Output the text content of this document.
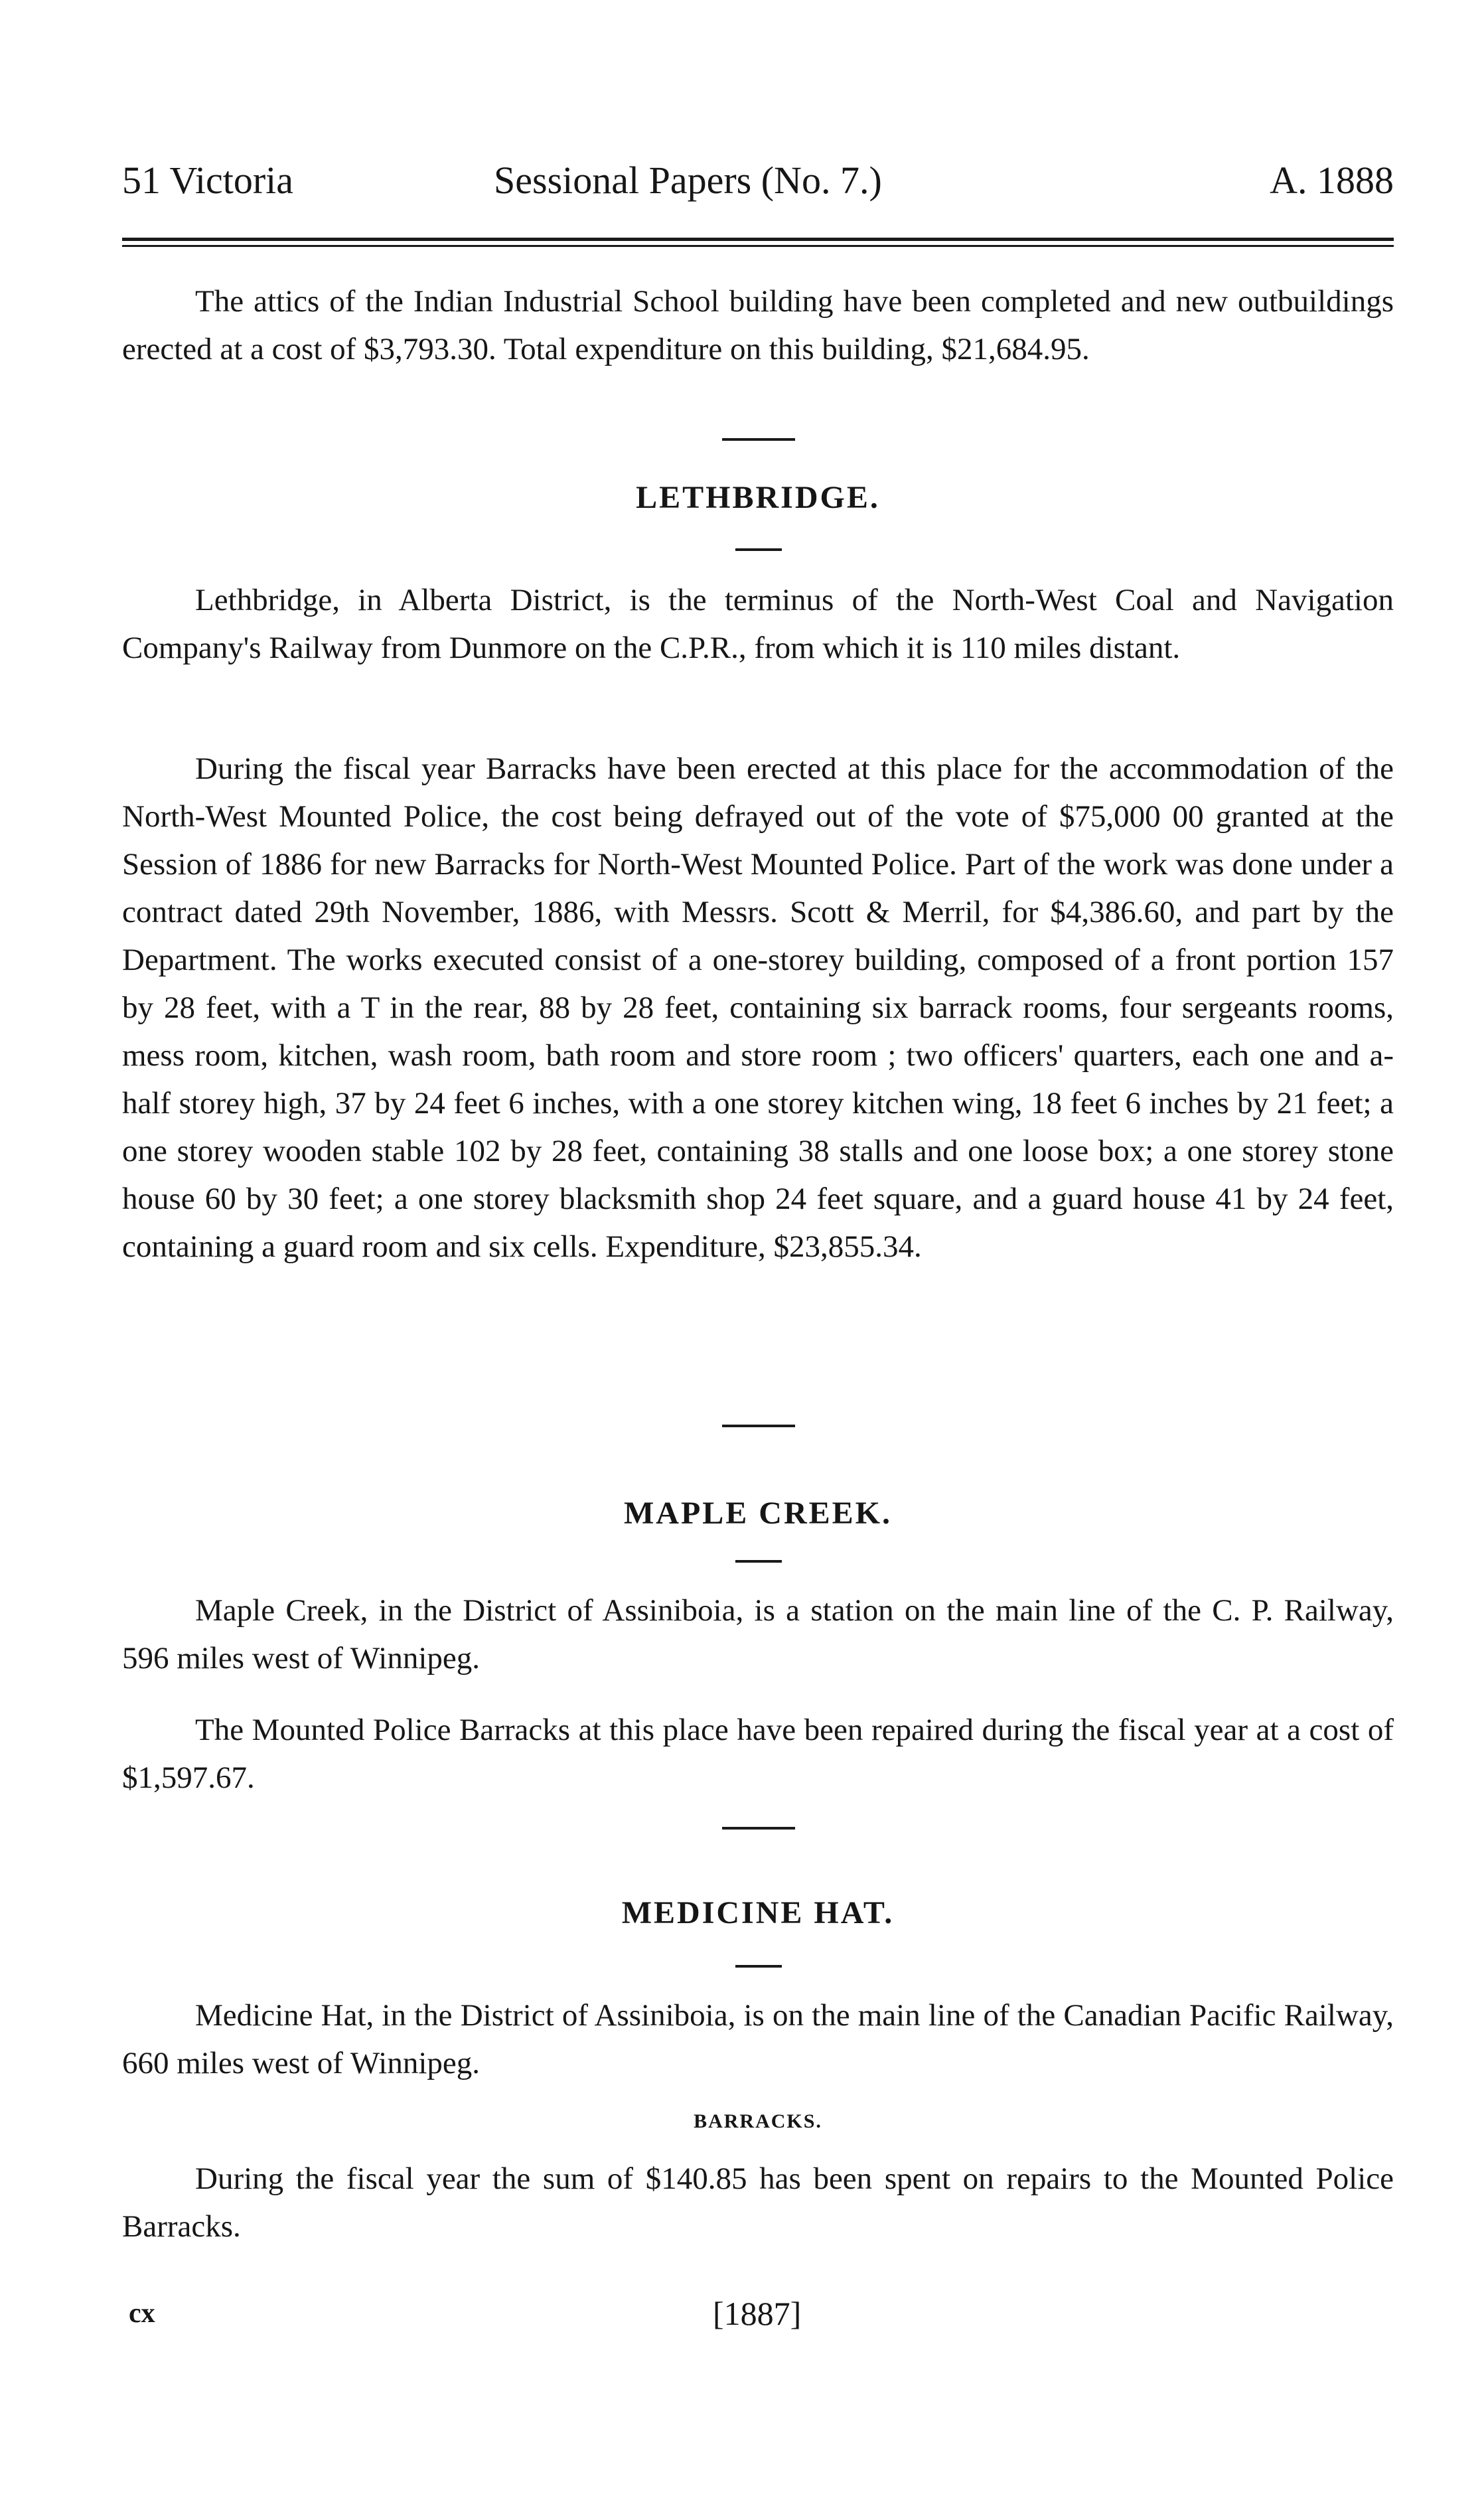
51 Victoria	Sessional Papers (No. 7.)	A. 1888

The attics of the Indian Industrial School building have been completed and new outbuildings erected at a cost of $3,793.30. Total expenditure on this building, $21,684.95.

LETHBRIDGE.

Lethbridge, in Alberta District, is the terminus of the North-West Coal and Navigation Company's Railway from Dunmore on the C.P.R., from which it is 110 miles distant.

During the fiscal year Barracks have been erected at this place for the accommodation of the North-West Mounted Police, the cost being defrayed out of the vote of $75,000 00 granted at the Session of 1886 for new Barracks for North-West Mounted Police. Part of the work was done under a contract dated 29th November, 1886, with Messrs. Scott & Merril, for $4,386.60, and part by the Department. The works executed consist of a one-storey building, composed of a front portion 157 by 28 feet, with a T in the rear, 88 by 28 feet, containing six barrack rooms, four sergeants rooms, mess room, kitchen, wash room, bath room and store room ; two officers' quarters, each one and a-half storey high, 37 by 24 feet 6 inches, with a one storey kitchen wing, 18 feet 6 inches by 21 feet; a one storey wooden stable 102 by 28 feet, containing 38 stalls and one loose box; a one storey stone house 60 by 30 feet; a one storey blacksmith shop 24 feet square, and a guard house 41 by 24 feet, containing a guard room and six cells. Expenditure, $23,855.34.

MAPLE CREEK.

Maple Creek, in the District of Assiniboia, is a station on the main line of the C. P. Railway, 596 miles west of Winnipeg.

The Mounted Police Barracks at this place have been repaired during the fiscal year at a cost of $1,597.67.

MEDICINE HAT.

Medicine Hat, in the District of Assiniboia, is on the main line of the Canadian Pacific Railway, 660 miles west of Winnipeg.

BARRACKS.

During the fiscal year the sum of $140.85 has been spent on repairs to the Mounted Police Barracks.

cx	[1887]
